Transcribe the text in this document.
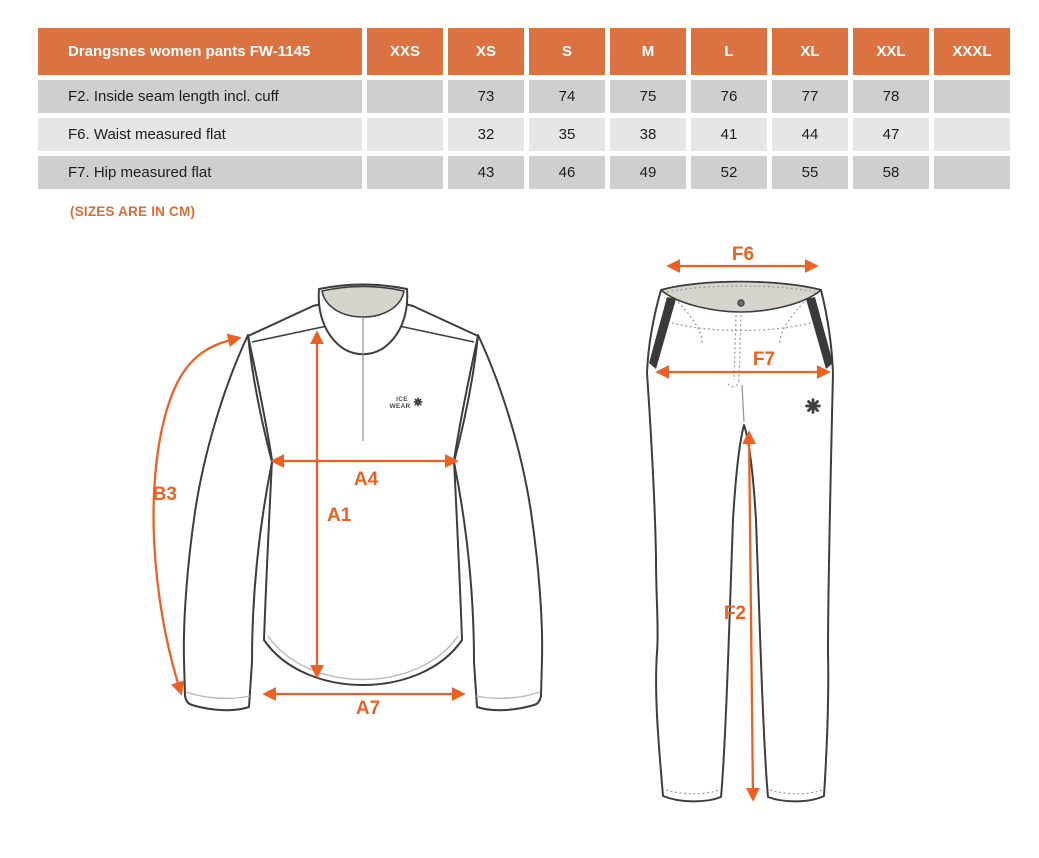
Drangsnes women pants FW-1145	XXS	XS	S	M	L	XL	XXL	XXXL
F2. Inside seam length incl. cuff		73	74	75	76	77	78	
F6. Waist measured flat		32	35	38	41	44	47	
F7. Hip measured flat		43	46	49	52	55	58	
(SIZES ARE IN CM)
ICE
WEAR
B3
A4
A1
A7
F6
F7
F2
